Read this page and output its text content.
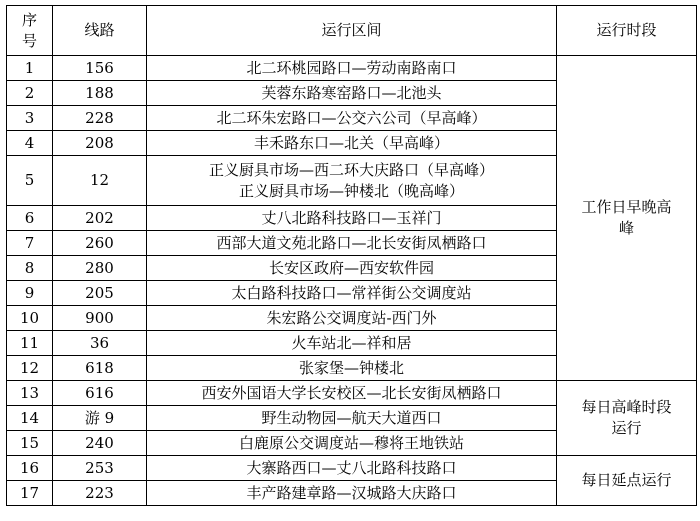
序
号	线路	运行区间	运行时段
1	156	北二环桃园路口—劳动南路南口	工作日早晚高
峰

2	188	芙蓉东路寒窑路口—北池头	
3	228	北二环朱宏路口—公交六公司（早高峰）	
4	208	丰禾路东口—北关（早高峰）	
5	12	正义厨具市场—西二环大庆路口（早高峰）
正义厨具市场—钟楼北（晚高峰）	

6	202	丈八北路科技路口—玉祥门	
7	260	西部大道文苑北路口—北长安街凤栖路口	
8	280	长安区政府—西安软件园	
9	205	太白路科技路口—常祥街公交调度站	
10	900	朱宏路公交调度站-西门外	
11	36	火车站北—祥和居	
12	618	张家堡—钟楼北	
13	616	西安外国语大学长安校区—北长安街凤栖路口	每日高峰时段
运行

14	游 9	野生动物园—航天大道西口	
15	240	白鹿原公交调度站—穆将王地铁站	
16	253	大寨路西口—丈八北路科技路口	每日延点运行

17	223	丰产路建章路—汉城路大庆路口	
